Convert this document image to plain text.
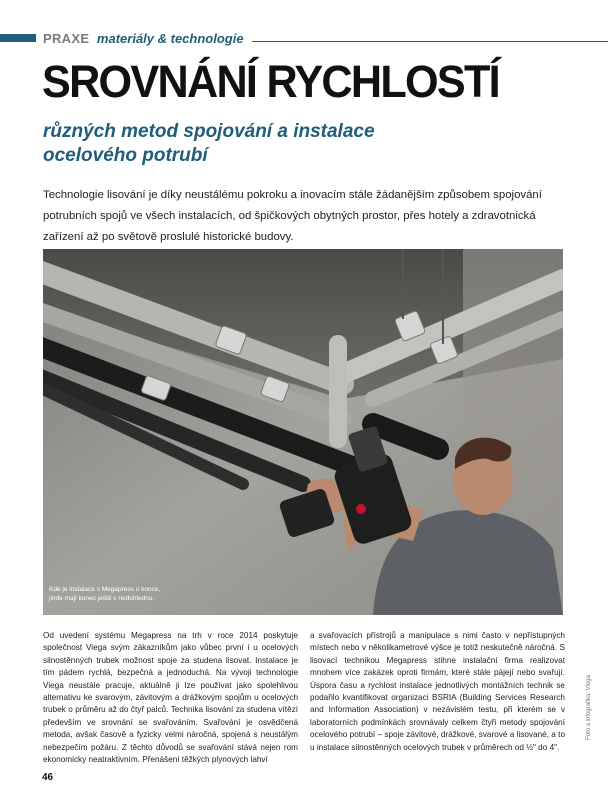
PRAXE materiály & technologie
SROVNÁNÍ RYCHLOSTÍ
různých metod spojování a instalace ocelového potrubí
Technologie lisování je díky neustálému pokroku a inovacím stále žádanějším způsobem spojování potrubních spojů ve všech instalacích, od špičkových obytných prostor, přes hotely a zdravotnická zařízení až po světově proslulé historické budovy.
Kde je instalace s Megapress u konce, jinde mají konec ještě v nedohlednu.
Od uvedení systému Megapress na trh v roce 2014 poskytuje společnost Viega svým zákazníkům jako vůbec první i u ocelových silnostěnných trubek možnost spoje za studena lisovat. Instalace je tím pádem rychlá, bezpečná a jednoduchá. Na vývoji technologie Viega neustále pracuje, aktuálně ji lze používat jako spolehlivou alternativu ke svarovým, závitovým a drážkovým spojům u ocelových trubek o průměru až do čtyř palců. Technika lisování za studena vítězí především ve srovnání se svařováním. Svařování je osvědčená metoda, avšak časově a fyzicky velmi náročná, spojená s neustálým nebezpečím požáru. Z těchto důvodů se svařování stává nejen rom ekonomicky neatraktivním. Přenášení těžkých plynových lahví
a svařovacích přístrojů a manipulace s nimi často v nepřístupných místech nebo v několikametrové výšce je totiž neskutečně náročná. S lisovací technikou Megapress stihne instalační firma realizovat mnohem více zakázek oproti firmám, které stále pájejí nebo svařují. Úspora času a rychlost instalace jednotlivých montážních technik se podařilo kvantifikovat organizaci BSRIA (Building Services Research and Information Association) v nezávislém testu, při kterém se v laboratorních podmínkách srovnávaly celkem čtyři metody spojování ocelového potrubí – spoje závitové, drážkové, svarové a lisované, a to u instalace silnostěnných ocelových trubek v průměrech od ½" do 4".
46
Foto a infografika: Viega
